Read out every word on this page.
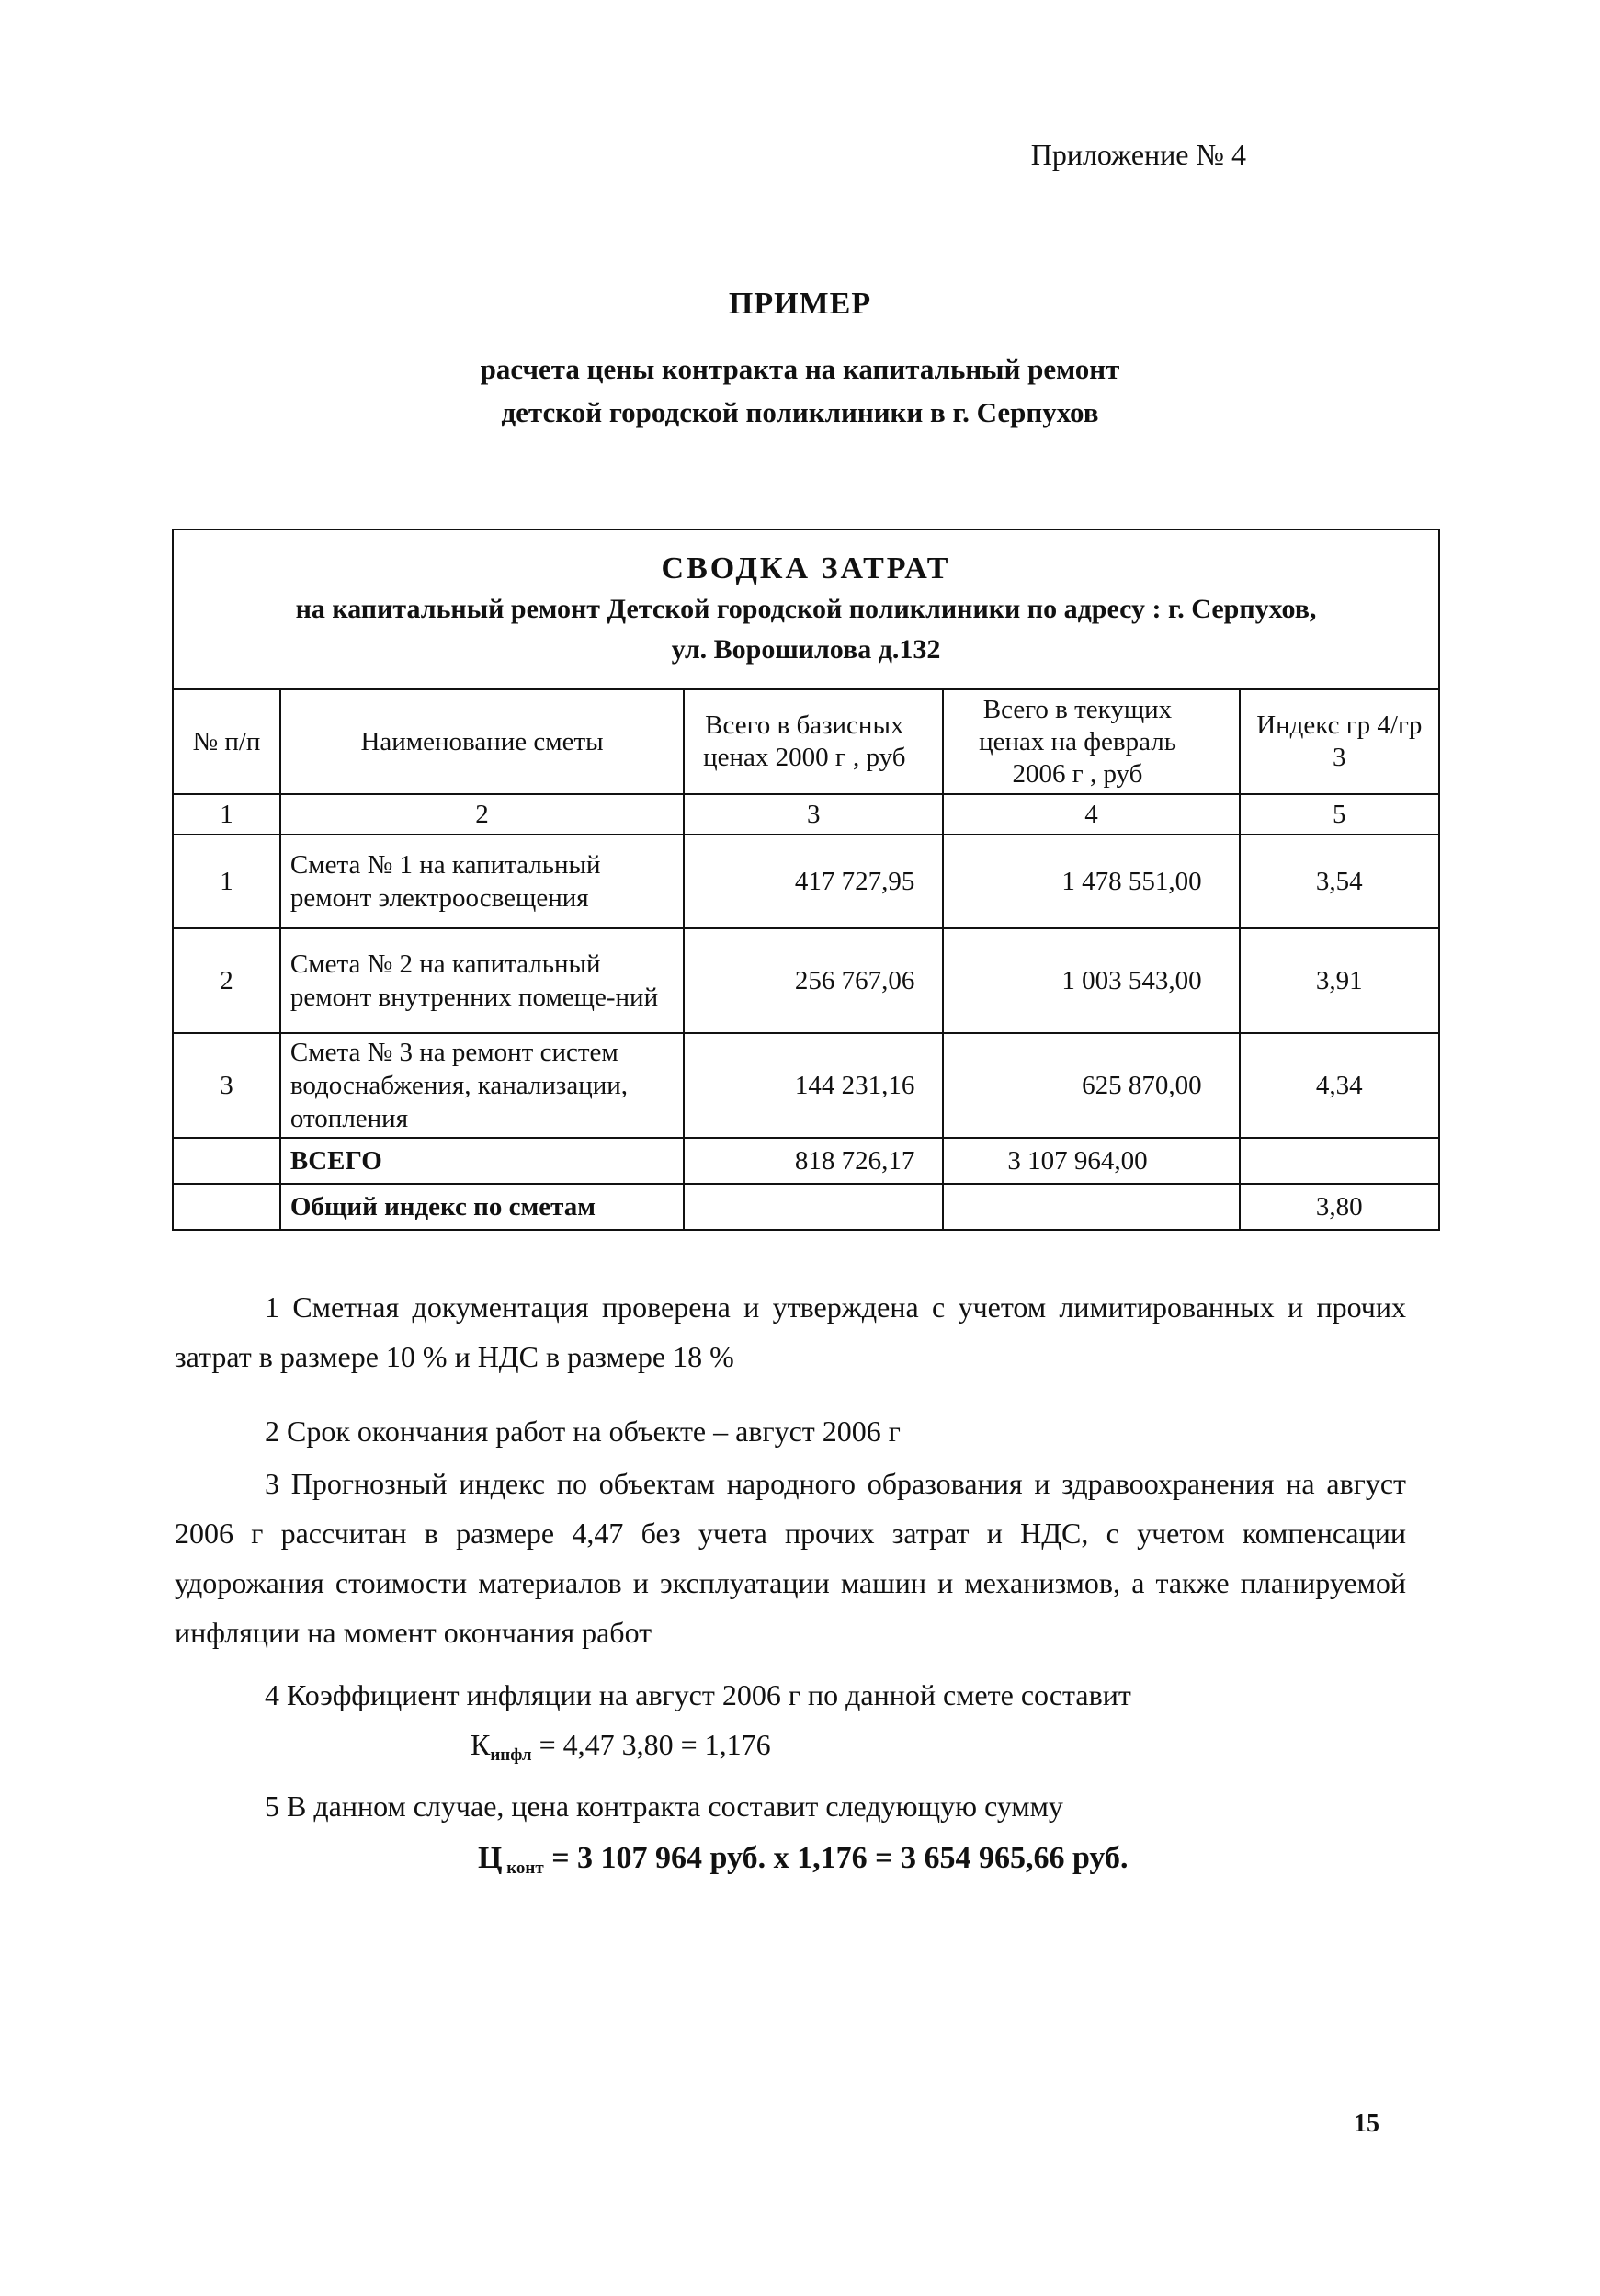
Приложение № 4
ПРИМЕР
расчета цены контракта на капитальный ремонт
детской городской поликлиники в г. Серпухов
СВОДКА ЗАТРАТ
на капитальный ремонт Детской городской поликлиники по адресу : г. Серпухов,
ул. Ворошилова д.132				

№ п/п	Наименование сметы	Всего в базисных ценах 2000 г , руб	Всего в текущих ценах на февраль 2006 г , руб	Индекс гр 4/гр 3
1	2	3	4	5
1	Смета № 1 на капитальный ремонт электроосвещения	417 727,95	1 478 551,00	3,54
2	Смета № 2 на капитальный ремонт внутренних помеще-ний	256 767,06	1 003 543,00	3,91
3	Смета № 3 на ремонт систем водоснабжения, канализации, отопления	144 231,16	625 870,00	4,34
	ВСЕГО	818 726,17	3 107 964,00	
	Общий индекс по сметам			3,80
1 Сметная документация проверена и утверждена с учетом лимитированных и прочих затрат в размере 10 % и НДС в размере 18 %
2 Срок окончания работ на объекте – август 2006 г
3 Прогнозный индекс по объектам народного образования и здравоохранения на август 2006 г рассчитан в размере 4,47 без учета прочих затрат и НДС, с учетом компенсации удорожания стоимости материалов и эксплуатации машин и механизмов, а также планируемой инфляции на момент окончания работ
4 Коэффициент инфляции на август 2006 г по данной смете составит
$К_{инфл} = 4,47$ 3,80 = 1,176
5 В данном случае, цена контракта составит следующую сумму
Ц $_{конт}$ = 3 107 964 руб. х 1,176 = 3 654 965,66 руб.
15
